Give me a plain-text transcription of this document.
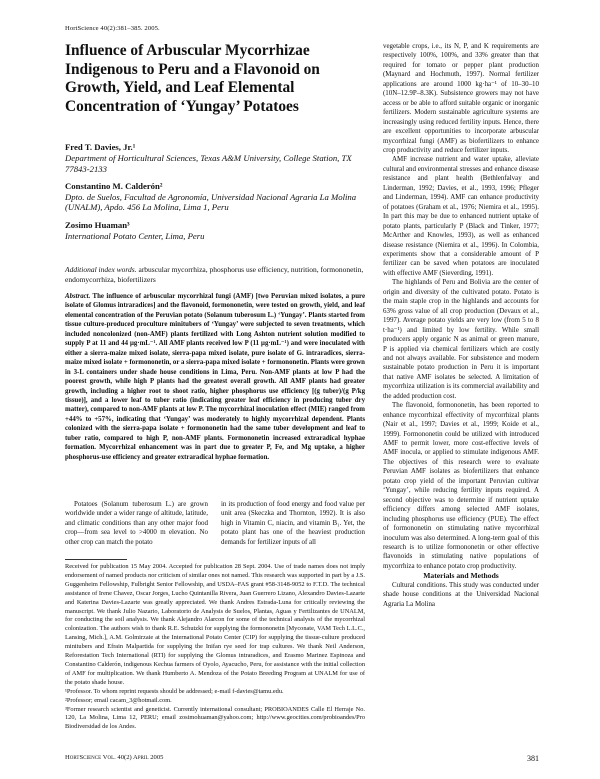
HortScience 40(2):381–385. 2005.
Influence of Arbuscular Mycorrhizae Indigenous to Peru and a Flavonoid on Growth, Yield, and Leaf Elemental Concentration of ‘Yungay’ Potatoes
Fred T. Davies, Jr.¹
Department of Horticultural Sciences, Texas A&M University, College Station, TX 77843-2133
Constantino M. Calderón²
Dpto. de Suelos, Facultad de Agronomía, Universidad Nacional Agraria La Molina (UNALM), Apdo. 456 La Molina, Lima 1, Peru
Zosimo Huaman³
International Potato Center, Lima, Peru
Additional index words. arbuscular mycorrhiza, phosphorus use efficiency, nutrition, formononetin, endomycorrhiza, biofertilizers
Abstract. The influence of arbuscular mycorrhizal fungi (AMF) [two Peruvian mixed isolates, a pure isolate of Glomus intraradices] and the flavonoid, formononetin, were tested on growth, yield, and leaf elemental concentration of the Peruvian potato (Solanum tuberosum L.) ‘Yungay’. Plants started from tissue culture-produced proculture minitubers of ‘Yungay’ were subjected to seven treatments, which included noncolonized (non-AMF) plants fertilized with Long Ashton nutrient solution modified to supply P at 11 and 44 μg·mL⁻¹. All AMF plants received low P (11 μg·mL⁻¹) and were inoculated with either a sierra-maize mixed isolate, sierra-papa mixed isolate, pure isolate of G. intraradices, sierra-maize mixed isolate + formononetin, or a sierra-papa mixed isolate + formononetin. Plants were grown in 3-L containers under shade house conditions in Lima, Peru. Non-AMF plants at low P had the poorest growth, while high P plants had the greatest overall growth. All AMF plants had greater growth, including a higher root to shoot ratio, higher phosphorus use efficiency [(g tuber)/(g P/kg tissue)], and a lower leaf to tuber ratio (indicating greater leaf efficiency in producing tuber dry matter), compared to non-AMF plants at low P. The mycorrhizal inoculation effect (MIE) ranged from +44% to +57%, indicating that ‘Yungay’ was moderately to highly mycorrhizal dependent. Plants colonized with the sierra-papa isolate + formononetin had the same tuber development and leaf to tuber ratio, compared to high P, non-AMF plants. Formononetin increased extraradical hyphae formation. Mycorrhizal enhancement was in part due to greater P, Fe, and Mg uptake, a higher phosphorus-use efficiency and greater extraradical hyphae formation.

Potatoes (Solanum tuberosum L.) are grown worldwide under a wider range of altitude, latitude, and climatic conditions than any other major food crop—from sea level to >4000 m elevation. No other crop can match the potato

in its production of food energy and food value per unit area (Skeczka and Thornton, 1992). It is also high in Vitamin C, niacin, and vitamin B₁. Yet, the potato plant has one of the heaviest production demands for fertilizer inputs of all

Received for publication 15 May 2004. Accepted for publication 28 Sept. 2004. Use of trade names does not imply endorsement of named products nor criticism of similar ones not named. This research was supported in part by a J.S. Guggenheim Fellowship, Fulbright Senior Fellowship, and USDA–FAS grant #58-3148-9052 to F.T.D. The technical assistance of Irene Chavez, Oscar Jorges, Lucho Quintanilla Rivera, Juan Guerrero Lizano, Alexandro Davies-Lazarte and Katerina Davies-Lazarte was greatly appreciated. We thank Andres Estrada-Luna for critically reviewing the manuscript. We thank Julio Nazario, Laboratorio de Analysis de Suelos, Plantas, Aguas y Fertilizantes de UNALM, for conducting the soil analysis. We thank Alejandro Alarcon for some of the technical analysis of the mycorrhizal colonization. The authors wish to thank R.E. Schutzki for supplying the formononetin [Myconate, VAM Tech L.L.C., Lansing, Mich.], A.M. Golmirzaie at the International Potato Center (CIP) for supplying the tissue-culture produced minitubers and Efrain Malpartida for supplying the Inifan rye seed for trap cultures. We thank Neil Anderson, Reforestation Tech International (RTI) for supplying the Glomus intraradices, and Erasmo Marinez Espinoza and Constantino Calderón, indigenous Kechua farmers of Oyolo, Ayacucho, Peru, for assistance with the initial collection of AMF for multiplication. We thank Humberto A. Mendoza of the Potato Breeding Program at UNALM for use of the potato shade house.

¹Professor. To whom reprint requests should be addressed; e-mail f-davies@tamu.edu.

²Professor; email cacam_3@hotmail.com.

³Former research scientist and geneticist. Currently international consultant; PROBIOANDES Calle El Herraje No. 120, La Molina, Lima 12, PERU; email zosimohuaman@yahoo.com; http://www.geocities.com/probioandes/Pro Biodiversidad de los Andes.

vegetable crops, i.e., its N, P, and K requirements are respectively 100%, 100%, and 33% greater than that required for tomato or pepper plant production (Maynard and Hochmuth, 1997). Normal fertilizer applications are around 1000 kg·ha⁻¹ of 10–30–10 (10N–12.9P–8.3K). Subsistence growers may not have access or be able to afford suitable organic or inorganic fertilizers. Modern sustainable agriculture systems are increasingly using reduced fertility inputs. Hence, there are excellent opportunities to incorporate arbuscular mycorrhizal fungi (AMF) as biofertilizers to enhance crop productivity and reduce fertilizer inputs.

AMF increase nutrient and water uptake, alleviate cultural and environmental stresses and enhance disease resistance and plant health (Bethlenfalvay and Linderman, 1992; Davies, et al., 1993, 1996; Pfleger and Linderman, 1994). AMF can enhance productivity of potatoes (Graham et al., 1976; Niemira et al., 1995). In part this may be due to enhanced nutrient uptake of potato plants, particularly P (Black and Tinker, 1977; McArther and Knowles, 1993), as well as enhanced disease resistance (Niemira et al., 1996). In Colombia, experiments show that a considerable amount of P fertilizer can be saved when potatoes are inoculated with effective AMF (Sieverding, 1991).

The highlands of Peru and Bolivia are the center of origin and diversity of the cultivated potato. Potato is the main staple crop in the highlands and accounts for 63% gross value of all crop production (Devaux et al., 1997). Average potato yields are very low (from 5 to 8 t·ha⁻¹) and limited by low fertility. While small producers apply organic N as animal or green manure, P is applied via chemical fertilizers which are costly and not always available. For subsistence and modern sustainable potato production in Peru it is important that native AMF isolates be selected. A limitation of mycorrhiza utilization is its commercial availability and the added production cost.

The flavonoid, formononetin, has been reported to enhance mycorrhizal effectivity of mycorrhizal plants (Nair et al., 1997; Davies et al., 1999; Koide et al., 1999). Formononetin could be utilized with introduced AMF to permit lower, more cost-effective levels of AMF inocula, or applied to stimulate indigenous AMF. The objectives of this research were to evaluate Peruvian AMF isolates as biofertilizers that enhance potato crop yield of the important Peruvian cultivar ‘Yungay’, while reducing fertility inputs required. A second objective was to determine if nutrient uptake efficiency differs among selected AMF isolates, including phosphorus use efficiency (PUE). The effect of formononetin on stimulating native mycorrhizal inoculum was also determined. A long-term goal of this research is to utilize formononetin or other effective flavonoids in stimulating native populations of mycorrhiza to enhance potato crop productivity.

Materials and Methods

Cultural conditions. This study was conducted under shade house conditions at the Universidad Nacional Agraria La Molina

HortScience Vol. 40(2) April 2005	381
